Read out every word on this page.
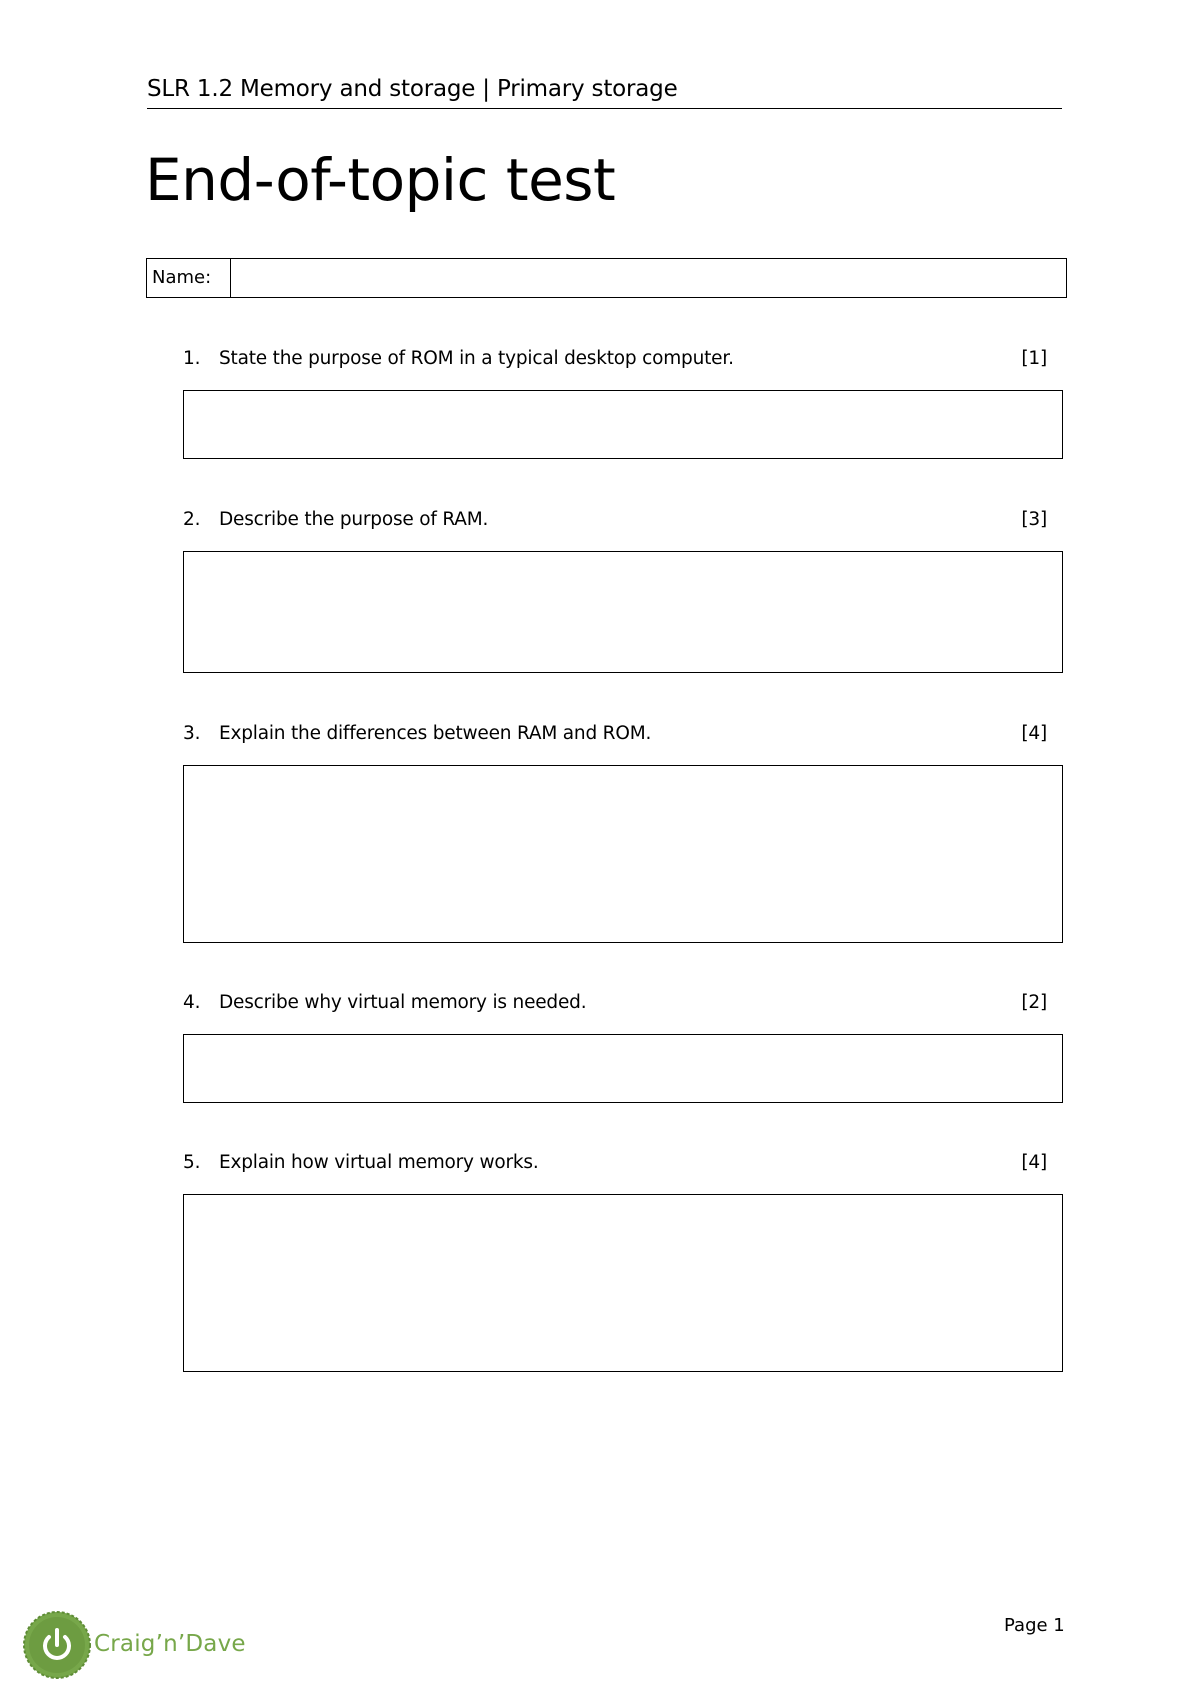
SLR 1.2 Memory and storage | Primary storage
End-of-topic test
Name:
1. State the purpose of ROM in a typical desktop computer.	[1]
2. Describe the purpose of RAM.	[3]
3. Explain the differences between RAM and ROM.	[4]
4. Describe why virtual memory is needed.	[2]
5. Explain how virtual memory works.	[4]
Page 1
Craig’n’Dave
